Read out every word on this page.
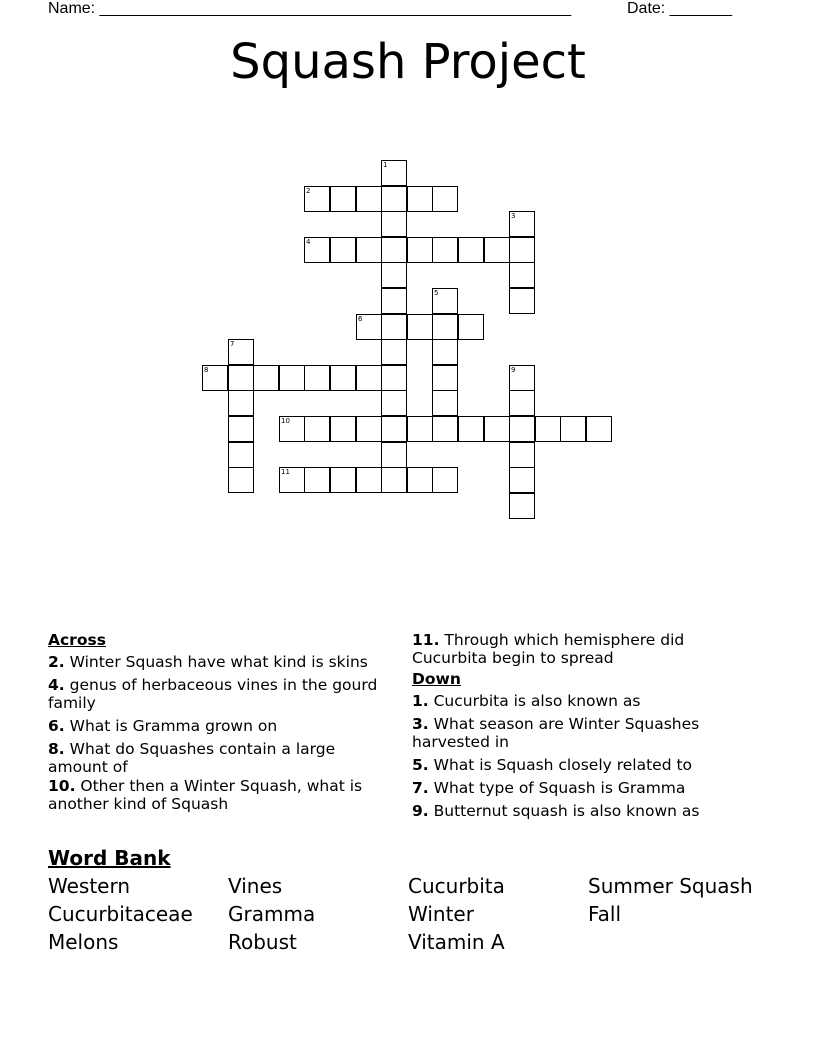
Name: _____________________________________________________	Date: _______
Squash Project
1
2
3
4
5
6
7
8	9
10
11
Across
2. Winter Squash have what kind is skins
4. genus of herbaceous vines in the gourd family
6. What is Gramma grown on
8. What do Squashes contain a large amount of
10. Other then a Winter Squash, what is another kind of Squash
11. Through which hemisphere did Cucurbita begin to spread
Down
1. Cucurbita is also known as
3. What season are Winter Squashes harvested in
5. What is Squash closely related to
7. What type of Squash is Gramma
9. Butternut squash is also known as
Word Bank
Western	Vines	Cucurbita	Summer Squash
Cucurbitaceae Gramma	Winter	Fall
Melons	Robust	Vitamin A
